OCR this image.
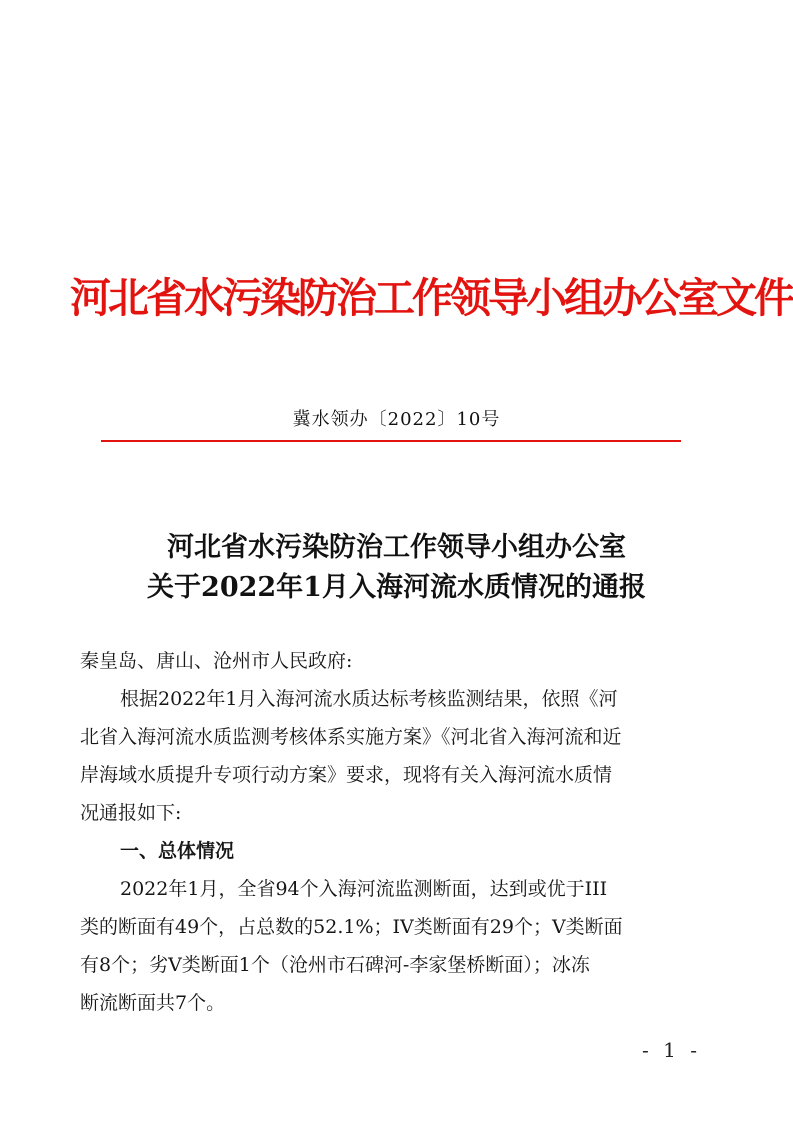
河北省水污染防治工作领导小组办公室文件
冀水领办〔2022〕10号
河北省水污染防治工作领导小组办公室
关于2022年1月入海河流水质情况的通报
秦皇岛、唐山、沧州市人民政府:
根据2022年1月入海河流水质达标考核监测结果，依照《河
北省入海河流水质监测考核体系实施方案》《河北省入海河流和近
岸海域水质提升专项行动方案》要求，现将有关入海河流水质情
况通报如下:
一、总体情况
2022年1月，全省94个入海河流监测断面，达到或优于III
类的断面有49个，占总数的52.1%；IV类断面有29个；V类断面
有8个；劣V类断面1个（沧州市石碑河-李家堡桥断面）；冰冻
断流断面共7个。
- 1 -
